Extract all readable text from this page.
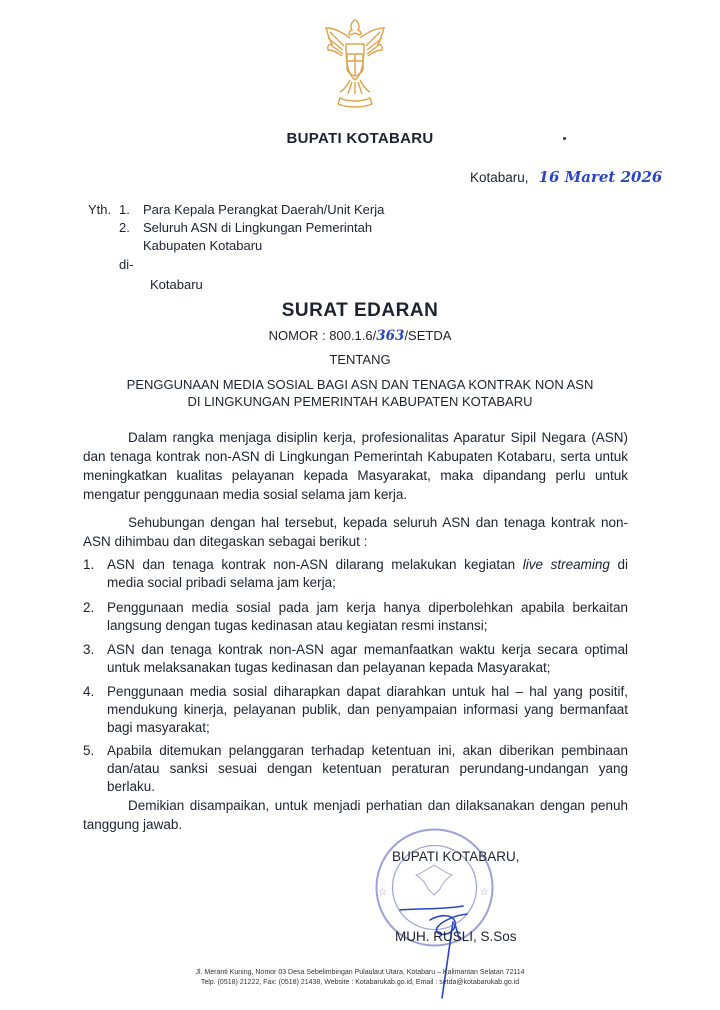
BUPATI KOTABARU
Kotabaru, 16 Maret 2026
Yth. 1. Para Kepala Perangkat Daerah/Unit Kerja
2. Seluruh ASN di Lingkungan Pemerintah
Kabupaten Kotabaru
di-
Kotabaru
SURAT EDARAN
NOMOR : 800.1.6/363/SETDA
TENTANG
PENGGUNAAN MEDIA SOSIAL BAGI ASN DAN TENAGA KONTRAK NON ASN
DI LINGKUNGAN PEMERINTAH KABUPATEN KOTABARU
Dalam rangka menjaga disiplin kerja, profesionalitas Aparatur Sipil Negara (ASN) dan tenaga kontrak non-ASN di Lingkungan Pemerintah Kabupaten Kotabaru, serta untuk meningkatkan kualitas pelayanan kepada Masyarakat, maka dipandang perlu untuk mengatur penggunaan media sosial selama jam kerja.
Sehubungan dengan hal tersebut, kepada seluruh ASN dan tenaga kontrak non-ASN dihimbau dan ditegaskan sebagai berikut :
1. ASN dan tenaga kontrak non-ASN dilarang melakukan kegiatan live streaming di media social pribadi selama jam kerja;
2. Penggunaan media sosial pada jam kerja hanya diperbolehkan apabila berkaitan langsung dengan tugas kedinasan atau kegiatan resmi instansi;
3. ASN dan tenaga kontrak non-ASN agar memanfaatkan waktu kerja secara optimal untuk melaksanakan tugas kedinasan dan pelayanan kepada Masyarakat;
4. Penggunaan media sosial diharapkan dapat diarahkan untuk hal – hal yang positif, mendukung kinerja, pelayanan publik, dan penyampaian informasi yang bermanfaat bagi masyarakat;
5. Apabila ditemukan pelanggaran terhadap ketentuan ini, akan diberikan pembinaan dan/atau sanksi sesuai dengan ketentuan peraturan perundang-undangan yang berlaku.
Demikian disampaikan, untuk menjadi perhatian dan dilaksanakan dengan penuh tanggung jawab.
☆	☆
BUPATI KOTABARU,
MUH. RUSLI, S.Sos
Jl. Meranti Kuning, Nomor 03 Desa Sebelimbingan Pulaulaut Utara, Kotabaru – Kalimantan Selatan 72114
Telp. (0518) 21222, Fax: (0518) 21438, Website : Kotabarukab.go.id, Email : setda@kotabarukab.go.id
